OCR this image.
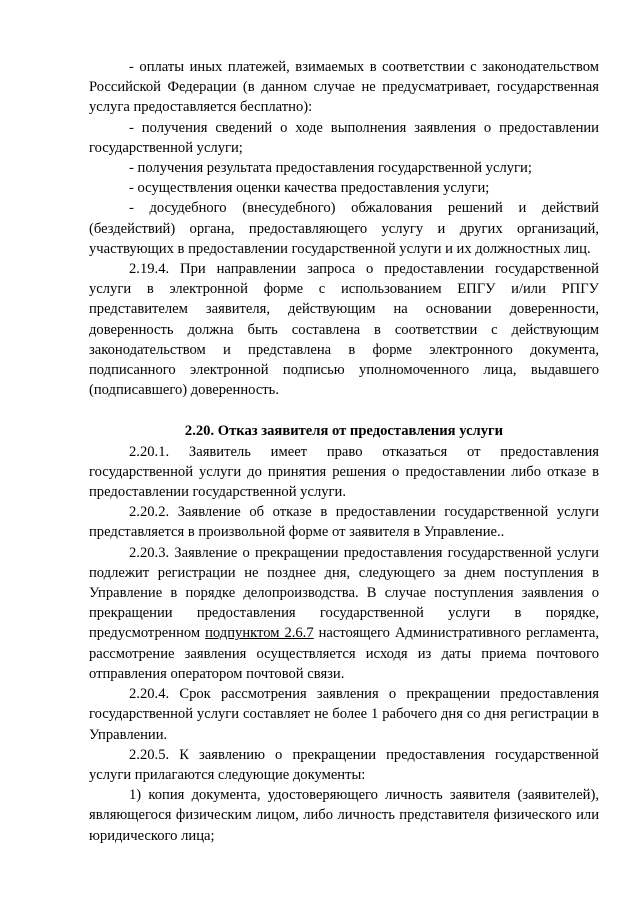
- оплаты иных платежей, взимаемых в соответствии с законодательством Российской Федерации (в данном случае не предусматривает, государственная услуга предоставляется бесплатно):

- получения сведений о ходе выполнения заявления о предоставлении государственной услуги;

- получения результата предоставления государственной услуги;

- осуществления оценки качества предоставления услуги;

- досудебного (внесудебного) обжалования решений и действий (бездействий) органа, предоставляющего услугу и других организаций, участвующих в предоставлении государственной услуги и их должностных лиц.

2.19.4. При направлении запроса о предоставлении государственной услуги в электронной форме с использованием ЕПГУ и/или РПГУ представителем заявителя, действующим на основании доверенности, доверенность должна быть составлена в соответствии с действующим законодательством и представлена в форме электронного документа, подписанного электронной подписью уполномоченного лица, выдавшего (подписавшего) доверенность.

2.20. Отказ заявителя от предоставления услуги

2.20.1. Заявитель имеет право отказаться от предоставления государственной услуги до принятия решения о предоставлении либо отказе в предоставлении государственной услуги.

2.20.2. Заявление об отказе в предоставлении государственной услуги представляется в произвольной форме от заявителя в Управление..

2.20.3. Заявление о прекращении предоставления государственной услуги подлежит регистрации не позднее дня, следующего за днем поступления в Управление в порядке делопроизводства. В случае поступления заявления о прекращении предоставления государственной услуги в порядке, предусмотренном подпунктом 2.6.7 настоящего Административного регламента, рассмотрение заявления осуществляется исходя из даты приема почтового отправления оператором почтовой связи.

2.20.4. Срок рассмотрения заявления о прекращении предоставления государственной услуги составляет не более 1 рабочего дня со дня регистрации в Управлении.

2.20.5. К заявлению о прекращении предоставления государственной услуги прилагаются следующие документы:

1) копия документа, удостоверяющего личность заявителя (заявителей), являющегося физическим лицом, либо личность представителя физического или юридического лица;
